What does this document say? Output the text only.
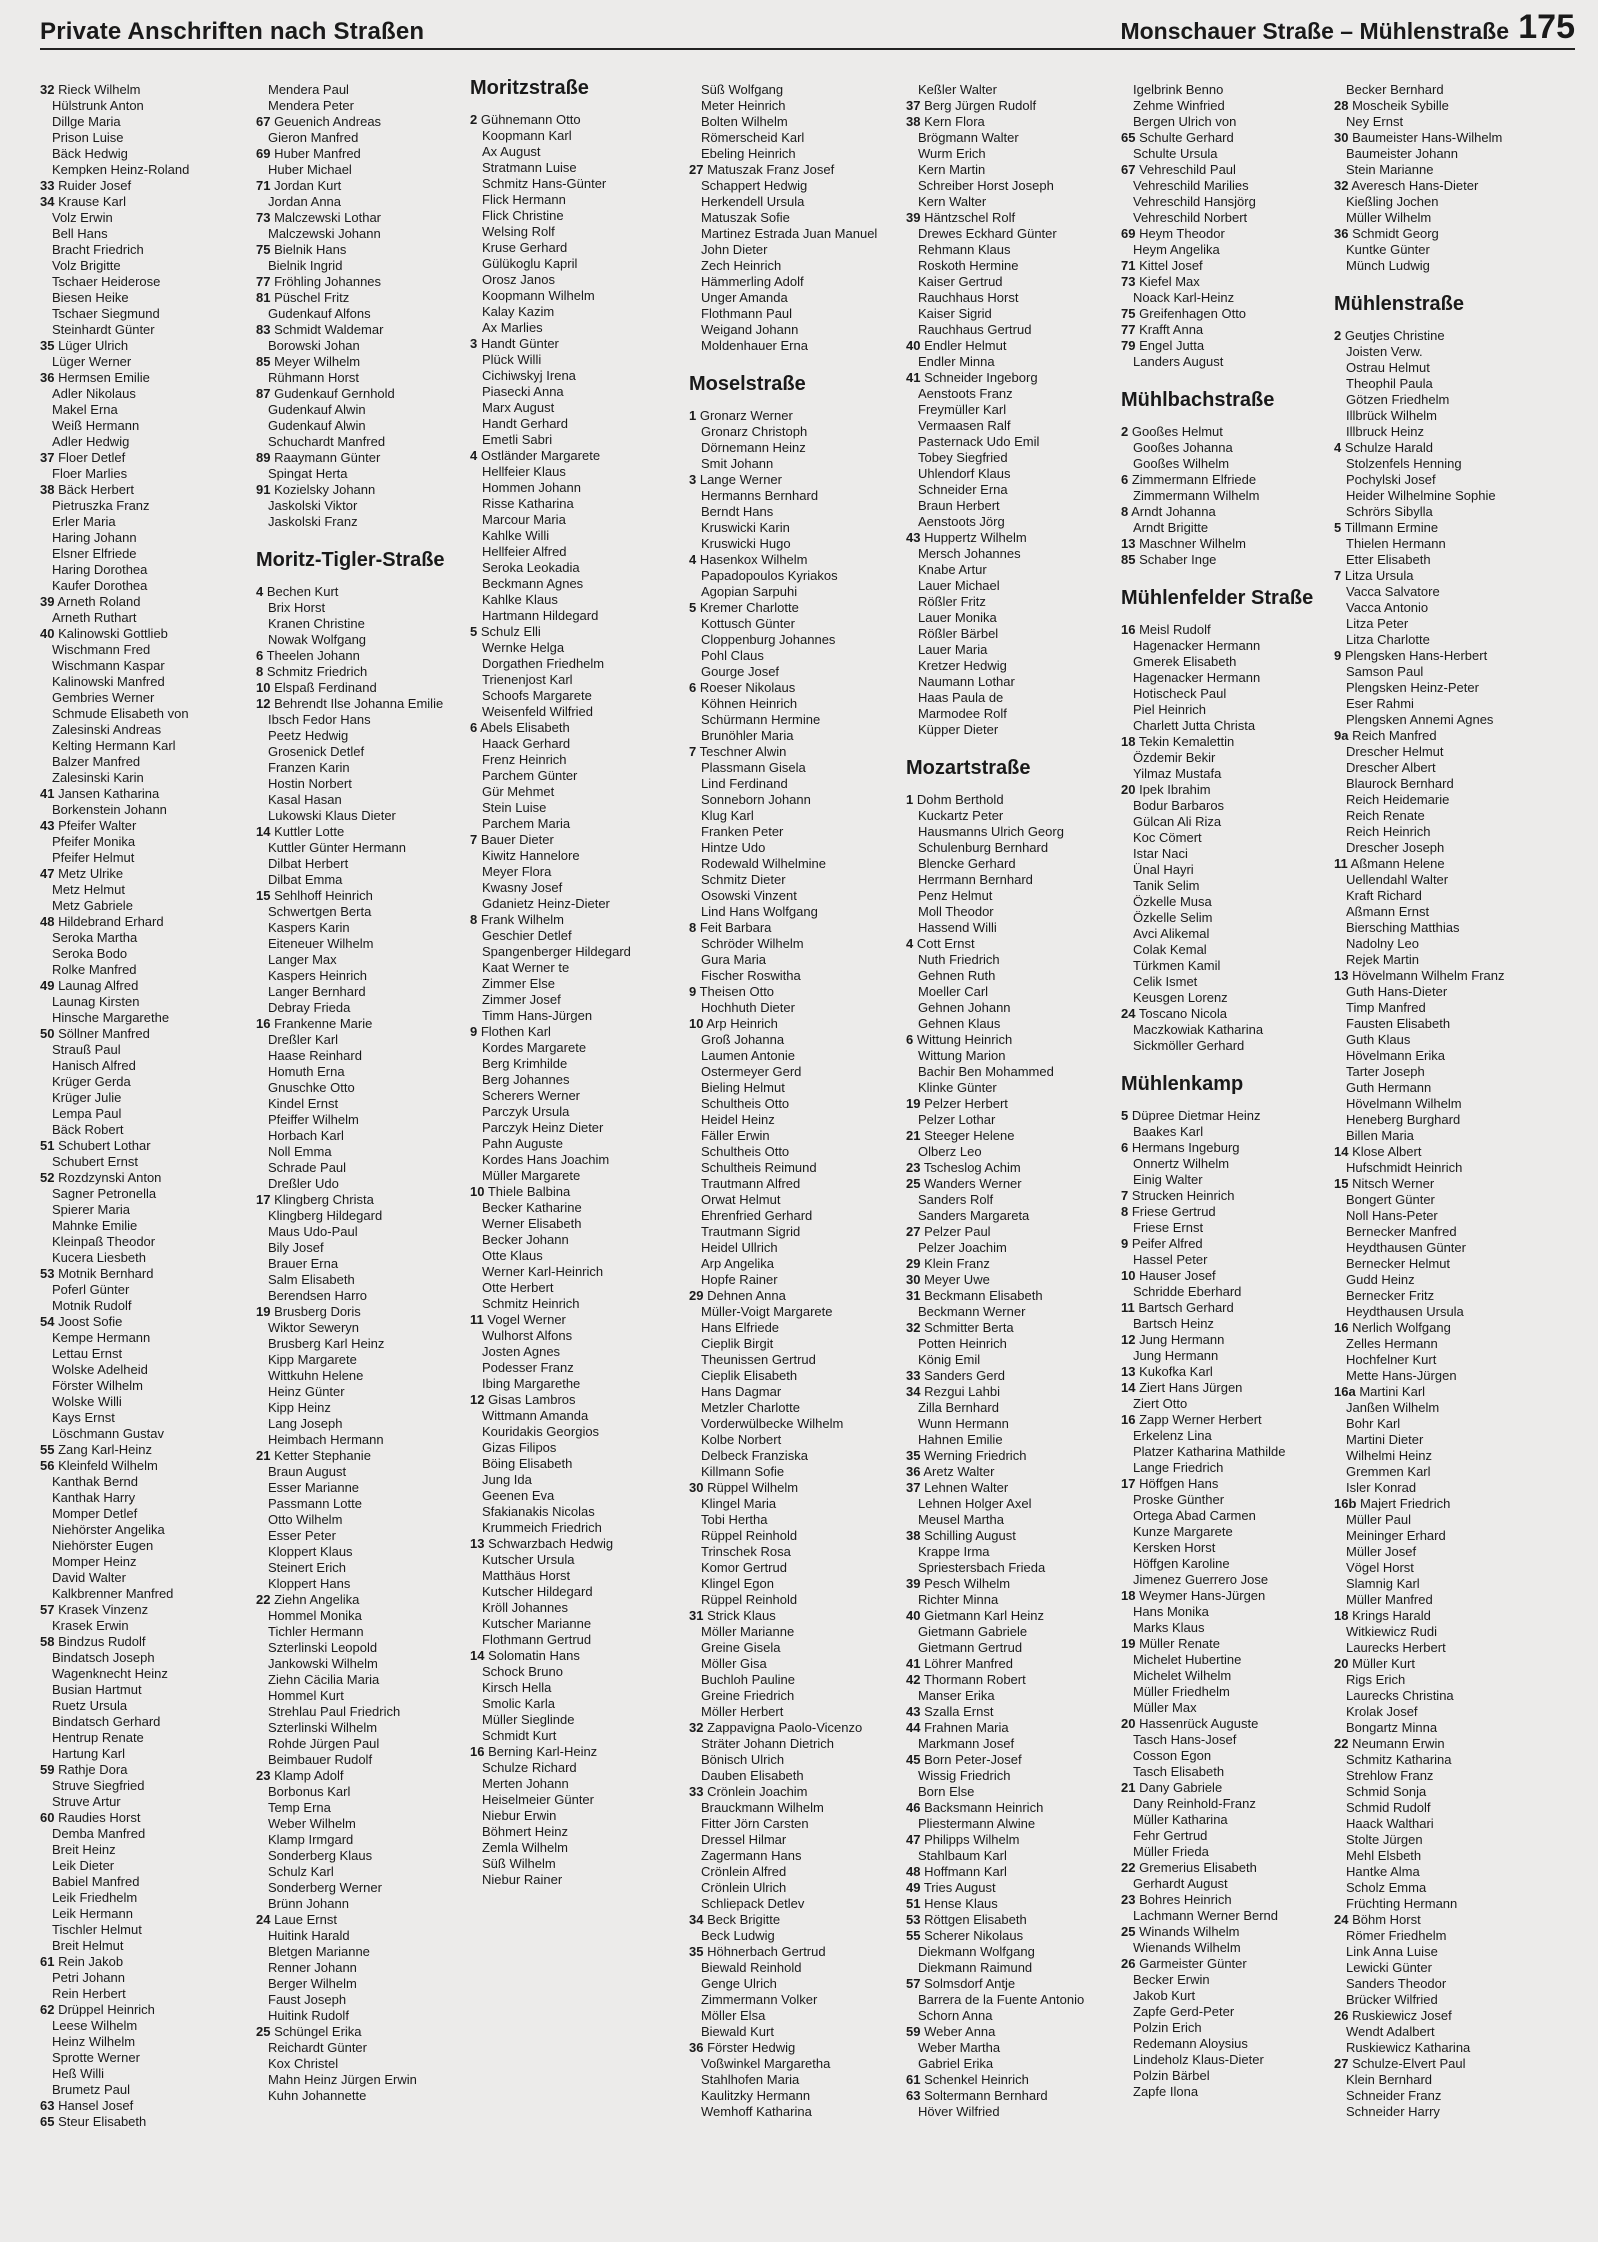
Private Anschriften nach Straßen	Monschauer Straße – Mühlenstraße 175
32 Rieck Wilhelm
Hülstrunk Anton
Dillge Maria
Prison Luise
Bäck Hedwig
Kempken Heinz-Roland
33 Ruider Josef
34 Krause Karl
Volz Erwin
Bell Hans
Bracht Friedrich
Volz Brigitte
Tschaer Heiderose
Biesen Heike
Tschaer Siegmund
Steinhardt Günter
35 Lüger Ulrich
Lüger Werner
36 Hermsen Emilie
Adler Nikolaus
Makel Erna
Weiß Hermann
Adler Hedwig
37 Floer Detlef
Floer Marlies
38 Bäck Herbert
Pietruszka Franz
Erler Maria
Haring Johann
Elsner Elfriede
Haring Dorothea
Kaufer Dorothea
39 Arneth Roland
Arneth Ruthart
40 Kalinowski Gottlieb
Wischmann Fred
Wischmann Kaspar
Kalinowski Manfred
Gembries Werner
Schmude Elisabeth von
Zalesinski Andreas
Kelting Hermann Karl
Balzer Manfred
Zalesinski Karin
41 Jansen Katharina
Borkenstein Johann
43 Pfeifer Walter
Pfeifer Monika
Pfeifer Helmut
47 Metz Ulrike
Metz Helmut
Metz Gabriele
48 Hildebrand Erhard
Seroka Martha
Seroka Bodo
Rolke Manfred
49 Launag Alfred
Launag Kirsten
Hinsche Margarethe
50 Söllner Manfred
Strauß Paul
Hanisch Alfred
Krüger Gerda
Krüger Julie
Lempa Paul
Bäck Robert
51 Schubert Lothar
Schubert Ernst
52 Rozdzynski Anton
Sagner Petronella
Spierer Maria
Mahnke Emilie
Kleinpaß Theodor
Kucera Liesbeth
53 Motnik Bernhard
Poferl Günter
Motnik Rudolf
54 Joost Sofie
Kempe Hermann
Lettau Ernst
Wolske Adelheid
Förster Wilhelm
Wolske Willi
Kays Ernst
Löschmann Gustav
55 Zang Karl-Heinz
56 Kleinfeld Wilhelm
Kanthak Bernd
Kanthak Harry
Momper Detlef
Niehörster Angelika
Niehörster Eugen
Momper Heinz
David Walter
Kalkbrenner Manfred
57 Krasek Vinzenz
Krasek Erwin
58 Bindzus Rudolf
Bindatsch Joseph
Wagenknecht Heinz
Busian Hartmut
Ruetz Ursula
Bindatsch Gerhard
Hentrup Renate
Hartung Karl
59 Rathje Dora
Struve Siegfried
Struve Artur
60 Raudies Horst
Demba Manfred
Breit Heinz
Leik Dieter
Babiel Manfred
Leik Friedhelm
Leik Hermann
Tischler Helmut
Breit Helmut
61 Rein Jakob
Petri Johann
Rein Herbert
62 Drüppel Heinrich
Leese Wilhelm
Heinz Wilhelm
Sprotte Werner
Heß Willi
Brumetz Paul
63 Hansel Josef
65 Steur Elisabeth
Mendera Paul
Mendera Peter
67 Geuenich Andreas
Gieron Manfred
69 Huber Manfred
Huber Michael
71 Jordan Kurt
Jordan Anna
73 Malczewski Lothar
Malczewski Johann
75 Bielnik Hans
Bielnik Ingrid
77 Fröhling Johannes
81 Püschel Fritz
Gudenkauf Alfons
83 Schmidt Waldemar
Borowski Johan
85 Meyer Wilhelm
Rühmann Horst
87 Gudenkauf Gernhold
Gudenkauf Alwin
Gudenkauf Alwin
Schuchardt Manfred
89 Raaymann Günter
Spingat Herta
91 Kozielsky Johann
Jaskolski Viktor
Jaskolski Franz
Moritz-Tigler-Straße
4 Bechen Kurt
Brix Horst
Kranen Christine
Nowak Wolfgang
6 Theelen Johann
8 Schmitz Friedrich
10 Elspaß Ferdinand
12 Behrendt Ilse Johanna Emilie
Ibsch Fedor Hans
Peetz Hedwig
Grosenick Detlef
Franzen Karin
Hostin Norbert
Kasal Hasan
Lukowski Klaus Dieter
14 Kuttler Lotte
Kuttler Günter Hermann
Dilbat Herbert
Dilbat Emma
15 Sehlhoff Heinrich
Schwertgen Berta
Kaspers Karin
Eiteneuer Wilhelm
Langer Max
Kaspers Heinrich
Langer Bernhard
Debray Frieda
16 Frankenne Marie
Dreßler Karl
Haase Reinhard
Homuth Erna
Gnuschke Otto
Kindel Ernst
Pfeiffer Wilhelm
Horbach Karl
Noll Emma
Schrade Paul
Dreßler Udo
17 Klingberg Christa
Klingberg Hildegard
Maus Udo-Paul
Bily Josef
Brauer Erna
Salm Elisabeth
Berendsen Harro
19 Brusberg Doris
Wiktor Seweryn
Brusberg Karl Heinz
Kipp Margarete
Wittkuhn Helene
Heinz Günter
Kipp Heinz
Lang Joseph
Heimbach Hermann
21 Ketter Stephanie
Braun August
Esser Marianne
Passmann Lotte
Otto Wilhelm
Esser Peter
Kloppert Klaus
Steinert Erich
Kloppert Hans
22 Ziehn Angelika
Hommel Monika
Tichler Hermann
Szterlinski Leopold
Jankowski Wilhelm
Ziehn Cäcilia Maria
Hommel Kurt
Strehlau Paul Friedrich
Szterlinski Wilhelm
Rohde Jürgen Paul
Beimbauer Rudolf
23 Klamp Adolf
Borbonus Karl
Temp Erna
Weber Wilhelm
Klamp Irmgard
Sonderberg Klaus
Schulz Karl
Sonderberg Werner
Brünn Johann
24 Laue Ernst
Huitink Harald
Bletgen Marianne
Renner Johann
Berger Wilhelm
Faust Joseph
Huitink Rudolf
25 Schüngel Erika
Reichardt Günter
Kox Christel
Mahn Heinz Jürgen Erwin
Kuhn Johannette
Moritzstraße
2 Gühnemann Otto
Koopmann Karl
Ax August
Stratmann Luise
Schmitz Hans-Günter
Flick Hermann
Flick Christine
Welsing Rolf
Kruse Gerhard
Gülükoglu Kapril
Orosz Janos
Koopmann Wilhelm
Kalay Kazim
Ax Marlies
3 Handt Günter
Plück Willi
Cichiwskyj Irena
Piasecki Anna
Marx August
Handt Gerhard
Emetli Sabri
4 Ostländer Margarete
Hellfeier Klaus
Hommen Johann
Risse Katharina
Marcour Maria
Kahlke Willi
Hellfeier Alfred
Seroka Leokadia
Beckmann Agnes
Kahlke Klaus
Hartmann Hildegard
5 Schulz Elli
Wernke Helga
Dorgathen Friedhelm
Trienenjost Karl
Schoofs Margarete
Weisenfeld Wilfried
6 Abels Elisabeth
Haack Gerhard
Frenz Heinrich
Parchem Günter
Gür Mehmet
Stein Luise
Parchem Maria
7 Bauer Dieter
Kiwitz Hannelore
Meyer Flora
Kwasny Josef
Gdanietz Heinz-Dieter
8 Frank Wilhelm
Geschier Detlef
Spangenberger Hildegard
Kaat Werner te
Zimmer Else
Zimmer Josef
Timm Hans-Jürgen
9 Flothen Karl
Kordes Margarete
Berg Krimhilde
Berg Johannes
Scherers Werner
Parczyk Ursula
Parczyk Heinz Dieter
Pahn Auguste
Kordes Hans Joachim
Müller Margarete
10 Thiele Balbina
Becker Katharine
Werner Elisabeth
Becker Johann
Otte Klaus
Werner Karl-Heinrich
Otte Herbert
Schmitz Heinrich
11 Vogel Werner
Wulhorst Alfons
Josten Agnes
Podesser Franz
Ibing Margarethe
12 Gisas Lambros
Wittmann Amanda
Kouridakis Georgios
Gizas Filipos
Böing Elisabeth
Jung Ida
Geenen Eva
Sfakianakis Nicolas
Krummeich Friedrich
13 Schwarzbach Hedwig
Kutscher Ursula
Matthäus Horst
Kutscher Hildegard
Kröll Johannes
Kutscher Marianne
Flothmann Gertrud
14 Solomatin Hans
Schock Bruno
Kirsch Hella
Smolic Karla
Müller Sieglinde
Schmidt Kurt
16 Berning Karl-Heinz
Schulze Richard
Merten Johann
Heiselmeier Günter
Niebur Erwin
Böhmert Heinz
Zemla Wilhelm
Süß Wilhelm
Niebur Rainer
Süß Wolfgang
Meter Heinrich
Bolten Wilhelm
Römerscheid Karl
Ebeling Heinrich
27 Matuszak Franz Josef
Schappert Hedwig
Herkendell Ursula
Matuszak Sofie
Martinez Estrada Juan Manuel
John Dieter
Zech Heinrich
Hämmerling Adolf
Unger Amanda
Flothmann Paul
Weigand Johann
Moldenhauer Erna
Moselstraße
1 Gronarz Werner
Gronarz Christoph
Dörnemann Heinz
Smit Johann
3 Lange Werner
Hermanns Bernhard
Berndt Hans
Kruswicki Karin
Kruswicki Hugo
4 Hasenkox Wilhelm
Papadopoulos Kyriakos
Agopian Sarpuhi
5 Kremer Charlotte
Kottusch Günter
Cloppenburg Johannes
Pohl Claus
Gourge Josef
6 Roeser Nikolaus
Köhnen Heinrich
Schürmann Hermine
Brunöhler Maria
7 Teschner Alwin
Plassmann Gisela
Lind Ferdinand
Sonneborn Johann
Klug Karl
Franken Peter
Hintze Udo
Rodewald Wilhelmine
Schmitz Dieter
Osowski Vinzent
Lind Hans Wolfgang
8 Feit Barbara
Schröder Wilhelm
Gura Maria
Fischer Roswitha
9 Theisen Otto
Hochhuth Dieter
10 Arp Heinrich
Groß Johanna
Laumen Antonie
Ostermeyer Gerd
Bieling Helmut
Schultheis Otto
Heidel Heinz
Fäller Erwin
Schultheis Otto
Schultheis Reimund
Trautmann Alfred
Orwat Helmut
Ehrenfried Gerhard
Trautmann Sigrid
Heidel Ullrich
Arp Angelika
Hopfe Rainer
29 Dehnen Anna
Müller-Voigt Margarete
Hans Elfriede
Cieplik Birgit
Theunissen Gertrud
Cieplik Elisabeth
Hans Dagmar
Metzler Charlotte
Vorderwülbecke Wilhelm
Kolbe Norbert
Delbeck Franziska
Killmann Sofie
30 Rüppel Wilhelm
Klingel Maria
Tobi Hertha
Rüppel Reinhold
Trinschek Rosa
Komor Gertrud
Klingel Egon
Rüppel Reinhold
31 Strick Klaus
Möller Marianne
Greine Gisela
Möller Gisa
Buchloh Pauline
Greine Friedrich
Möller Herbert
32 Zappavigna Paolo-Vicenzo
Sträter Johann Dietrich
Bönisch Ulrich
Dauben Elisabeth
33 Crönlein Joachim
Brauckmann Wilhelm
Fitter Jörn Carsten
Dressel Hilmar
Zagermann Hans
Crönlein Alfred
Crönlein Ulrich
Schliepack Detlev
34 Beck Brigitte
Beck Ludwig
35 Höhnerbach Gertrud
Biewald Reinhold
Genge Ulrich
Zimmermann Volker
Möller Elsa
Biewald Kurt
36 Förster Hedwig
Voßwinkel Margaretha
Stahlhofen Maria
Kaulitzky Hermann
Wemhoff Katharina
Keßler Walter
37 Berg Jürgen Rudolf
38 Kern Flora
Brögmann Walter
Wurm Erich
Kern Martin
Schreiber Horst Joseph
Kern Walter
39 Häntzschel Rolf
Drewes Eckhard Günter
Rehmann Klaus
Roskoth Hermine
Kaiser Gertrud
Rauchhaus Horst
Kaiser Sigrid
Rauchhaus Gertrud
40 Endler Helmut
Endler Minna
41 Schneider Ingeborg
Aenstoots Franz
Freymüller Karl
Vermaasen Ralf
Pasternack Udo Emil
Tobey Siegfried
Uhlendorf Klaus
Schneider Erna
Braun Herbert
Aenstoots Jörg
43 Huppertz Wilhelm
Mersch Johannes
Knabe Artur
Lauer Michael
Rößler Fritz
Lauer Monika
Rößler Bärbel
Lauer Maria
Kretzer Hedwig
Naumann Lothar
Haas Paula de
Marmodee Rolf
Küpper Dieter
Mozartstraße
1 Dohm Berthold
Kuckartz Peter
Hausmanns Ulrich Georg
Schulenburg Bernhard
Blencke Gerhard
Herrmann Bernhard
Penz Helmut
Moll Theodor
Hassend Willi
4 Cott Ernst
Nuth Friedrich
Gehnen Ruth
Moeller Carl
Gehnen Johann
Gehnen Klaus
6 Wittung Heinrich
Wittung Marion
Bachir Ben Mohammed
Klinke Günter
19 Pelzer Herbert
Pelzer Lothar
21 Steeger Helene
Olberz Leo
23 Tscheslog Achim
25 Wanders Werner
Sanders Rolf
Sanders Margareta
27 Pelzer Paul
Pelzer Joachim
29 Klein Franz
30 Meyer Uwe
31 Beckmann Elisabeth
Beckmann Werner
32 Schmitter Berta
Potten Heinrich
König Emil
33 Sanders Gerd
34 Rezgui Lahbi
Zilla Bernhard
Wunn Hermann
Hahnen Emilie
35 Werning Friedrich
36 Aretz Walter
37 Lehnen Walter
Lehnen Holger Axel
Meusel Martha
38 Schilling August
Krappe Irma
Spriestersbach Frieda
39 Pesch Wilhelm
Richter Minna
40 Gietmann Karl Heinz
Gietmann Gabriele
Gietmann Gertrud
41 Löhrer Manfred
42 Thormann Robert
Manser Erika
43 Szalla Ernst
44 Frahnen Maria
Markmann Josef
45 Born Peter-Josef
Wissig Friedrich
Born Else
46 Backsmann Heinrich
Pliestermann Alwine
47 Philipps Wilhelm
Stahlbaum Karl
48 Hoffmann Karl
49 Tries August
51 Hense Klaus
53 Röttgen Elisabeth
55 Scherer Nikolaus
Diekmann Wolfgang
Diekmann Raimund
57 Solmsdorf Antje
Barrera de la Fuente Antonio
Schorn Anna
59 Weber Anna
Weber Martha
Gabriel Erika
61 Schenkel Heinrich
63 Soltermann Bernhard
Höver Wilfried
Igelbrink Benno
Zehme Winfried
Bergen Ulrich von
65 Schulte Gerhard
Schulte Ursula
67 Vehreschild Paul
Vehreschild Marilies
Vehreschild Hansjörg
Vehreschild Norbert
69 Heym Theodor
Heym Angelika
71 Kittel Josef
73 Kiefel Max
Noack Karl-Heinz
75 Greifenhagen Otto
77 Krafft Anna
79 Engel Jutta
Landers August
Mühlbachstraße
2 Gooßes Helmut
Gooßes Johanna
Gooßes Wilhelm
6 Zimmermann Elfriede
Zimmermann Wilhelm
8 Arndt Johanna
Arndt Brigitte
13 Maschner Wilhelm
85 Schaber Inge
Mühlenfelder Straße
16 Meisl Rudolf
Hagenacker Hermann
Gmerek Elisabeth
Hagenacker Hermann
Hotischeck Paul
Piel Heinrich
Charlett Jutta Christa
18 Tekin Kemalettin
Özdemir Bekir
Yilmaz Mustafa
20 Ipek Ibrahim
Bodur Barbaros
Gülcan Ali Riza
Koc Cömert
Istar Naci
Ünal Hayri
Tanik Selim
Özkelle Musa
Özkelle Selim
Avci Alikemal
Colak Kemal
Türkmen Kamil
Celik Ismet
Keusgen Lorenz
24 Toscano Nicola
Maczkowiak Katharina
Sickmöller Gerhard
Mühlenkamp
5 Düpree Dietmar Heinz
Baakes Karl
6 Hermans Ingeburg
Onnertz Wilhelm
Einig Walter
7 Strucken Heinrich
8 Friese Gertrud
Friese Ernst
9 Peifer Alfred
Hassel Peter
10 Hauser Josef
Schridde Eberhard
11 Bartsch Gerhard
Bartsch Heinz
12 Jung Hermann
Jung Hermann
13 Kukofka Karl
14 Ziert Hans Jürgen
Ziert Otto
16 Zapp Werner Herbert
Erkelenz Lina
Platzer Katharina Mathilde
Lange Friedrich
17 Höffgen Hans
Proske Günther
Ortega Abad Carmen
Kunze Margarete
Kersken Horst
Höffgen Karoline
Jimenez Guerrero Jose
18 Weymer Hans-Jürgen
Hans Monika
Marks Klaus
19 Müller Renate
Michelet Hubertine
Michelet Wilhelm
Müller Friedhelm
Müller Max
20 Hassenrück Auguste
Tasch Hans-Josef
Cosson Egon
Tasch Elisabeth
21 Dany Gabriele
Dany Reinhold-Franz
Müller Katharina
Fehr Gertrud
Müller Frieda
22 Gremerius Elisabeth
Gerhardt August
23 Bohres Heinrich
Lachmann Werner Bernd
25 Winands Wilhelm
Wienands Wilhelm
26 Garmeister Günter
Becker Erwin
Jakob Kurt
Zapfe Gerd-Peter
Polzin Erich
Redemann Aloysius
Lindeholz Klaus-Dieter
Polzin Bärbel
Zapfe Ilona
Becker Bernhard
28 Moscheik Sybille
Ney Ernst
30 Baumeister Hans-Wilhelm
Baumeister Johann
Stein Marianne
32 Averesch Hans-Dieter
Kießling Jochen
Müller Wilhelm
36 Schmidt Georg
Kuntke Günter
Münch Ludwig
Mühlenstraße
2 Geutjes Christine
Joisten Verw.
Ostrau Helmut
Theophil Paula
Götzen Friedhelm
Illbrück Wilhelm
Illbruck Heinz
4 Schulze Harald
Stolzenfels Henning
Pochylski Josef
Heider Wilhelmine Sophie
Schrörs Sibylla
5 Tillmann Ermine
Thielen Hermann
Etter Elisabeth
7 Litza Ursula
Vacca Salvatore
Vacca Antonio
Litza Peter
Litza Charlotte
9 Plengsken Hans-Herbert
Samson Paul
Plengsken Heinz-Peter
Eser Rahmi
Plengsken Annemi Agnes
9a Reich Manfred
Drescher Helmut
Drescher Albert
Blaurock Bernhard
Reich Heidemarie
Reich Renate
Reich Heinrich
Drescher Joseph
11 Aßmann Helene
Uellendahl Walter
Kraft Richard
Aßmann Ernst
Biersching Matthias
Nadolny Leo
Rejek Martin
13 Hövelmann Wilhelm Franz
Guth Hans-Dieter
Timp Manfred
Fausten Elisabeth
Guth Klaus
Hövelmann Erika
Tarter Joseph
Guth Hermann
Hövelmann Wilhelm
Heneberg Burghard
Billen Maria
14 Klose Albert
Hufschmidt Heinrich
15 Nitsch Werner
Bongert Günter
Noll Hans-Peter
Bernecker Manfred
Heydthausen Günter
Bernecker Helmut
Gudd Heinz
Bernecker Fritz
Heydthausen Ursula
16 Nerlich Wolfgang
Zelles Hermann
Hochfelner Kurt
Mette Hans-Jürgen
16a Martini Karl
Janßen Wilhelm
Bohr Karl
Martini Dieter
Wilhelmi Heinz
Gremmen Karl
Isler Konrad
16b Majert Friedrich
Müller Paul
Meininger Erhard
Müller Josef
Vögel Horst
Slamnig Karl
Müller Manfred
18 Krings Harald
Witkiewicz Rudi
Laurecks Herbert
20 Müller Kurt
Rigs Erich
Laurecks Christina
Krolak Josef
Bongartz Minna
22 Neumann Erwin
Schmitz Katharina
Strehlow Franz
Schmid Sonja
Schmid Rudolf
Haack Walthari
Stolte Jürgen
Mehl Elsbeth
Hantke Alma
Scholz Emma
Früchting Hermann
24 Böhm Horst
Römer Friedhelm
Link Anna Luise
Lewicki Günter
Sanders Theodor
Brücker Wilfried
26 Ruskiewicz Josef
Wendt Adalbert
Ruskiewicz Katharina
27 Schulze-Elvert Paul
Klein Bernhard
Schneider Franz
Schneider Harry
